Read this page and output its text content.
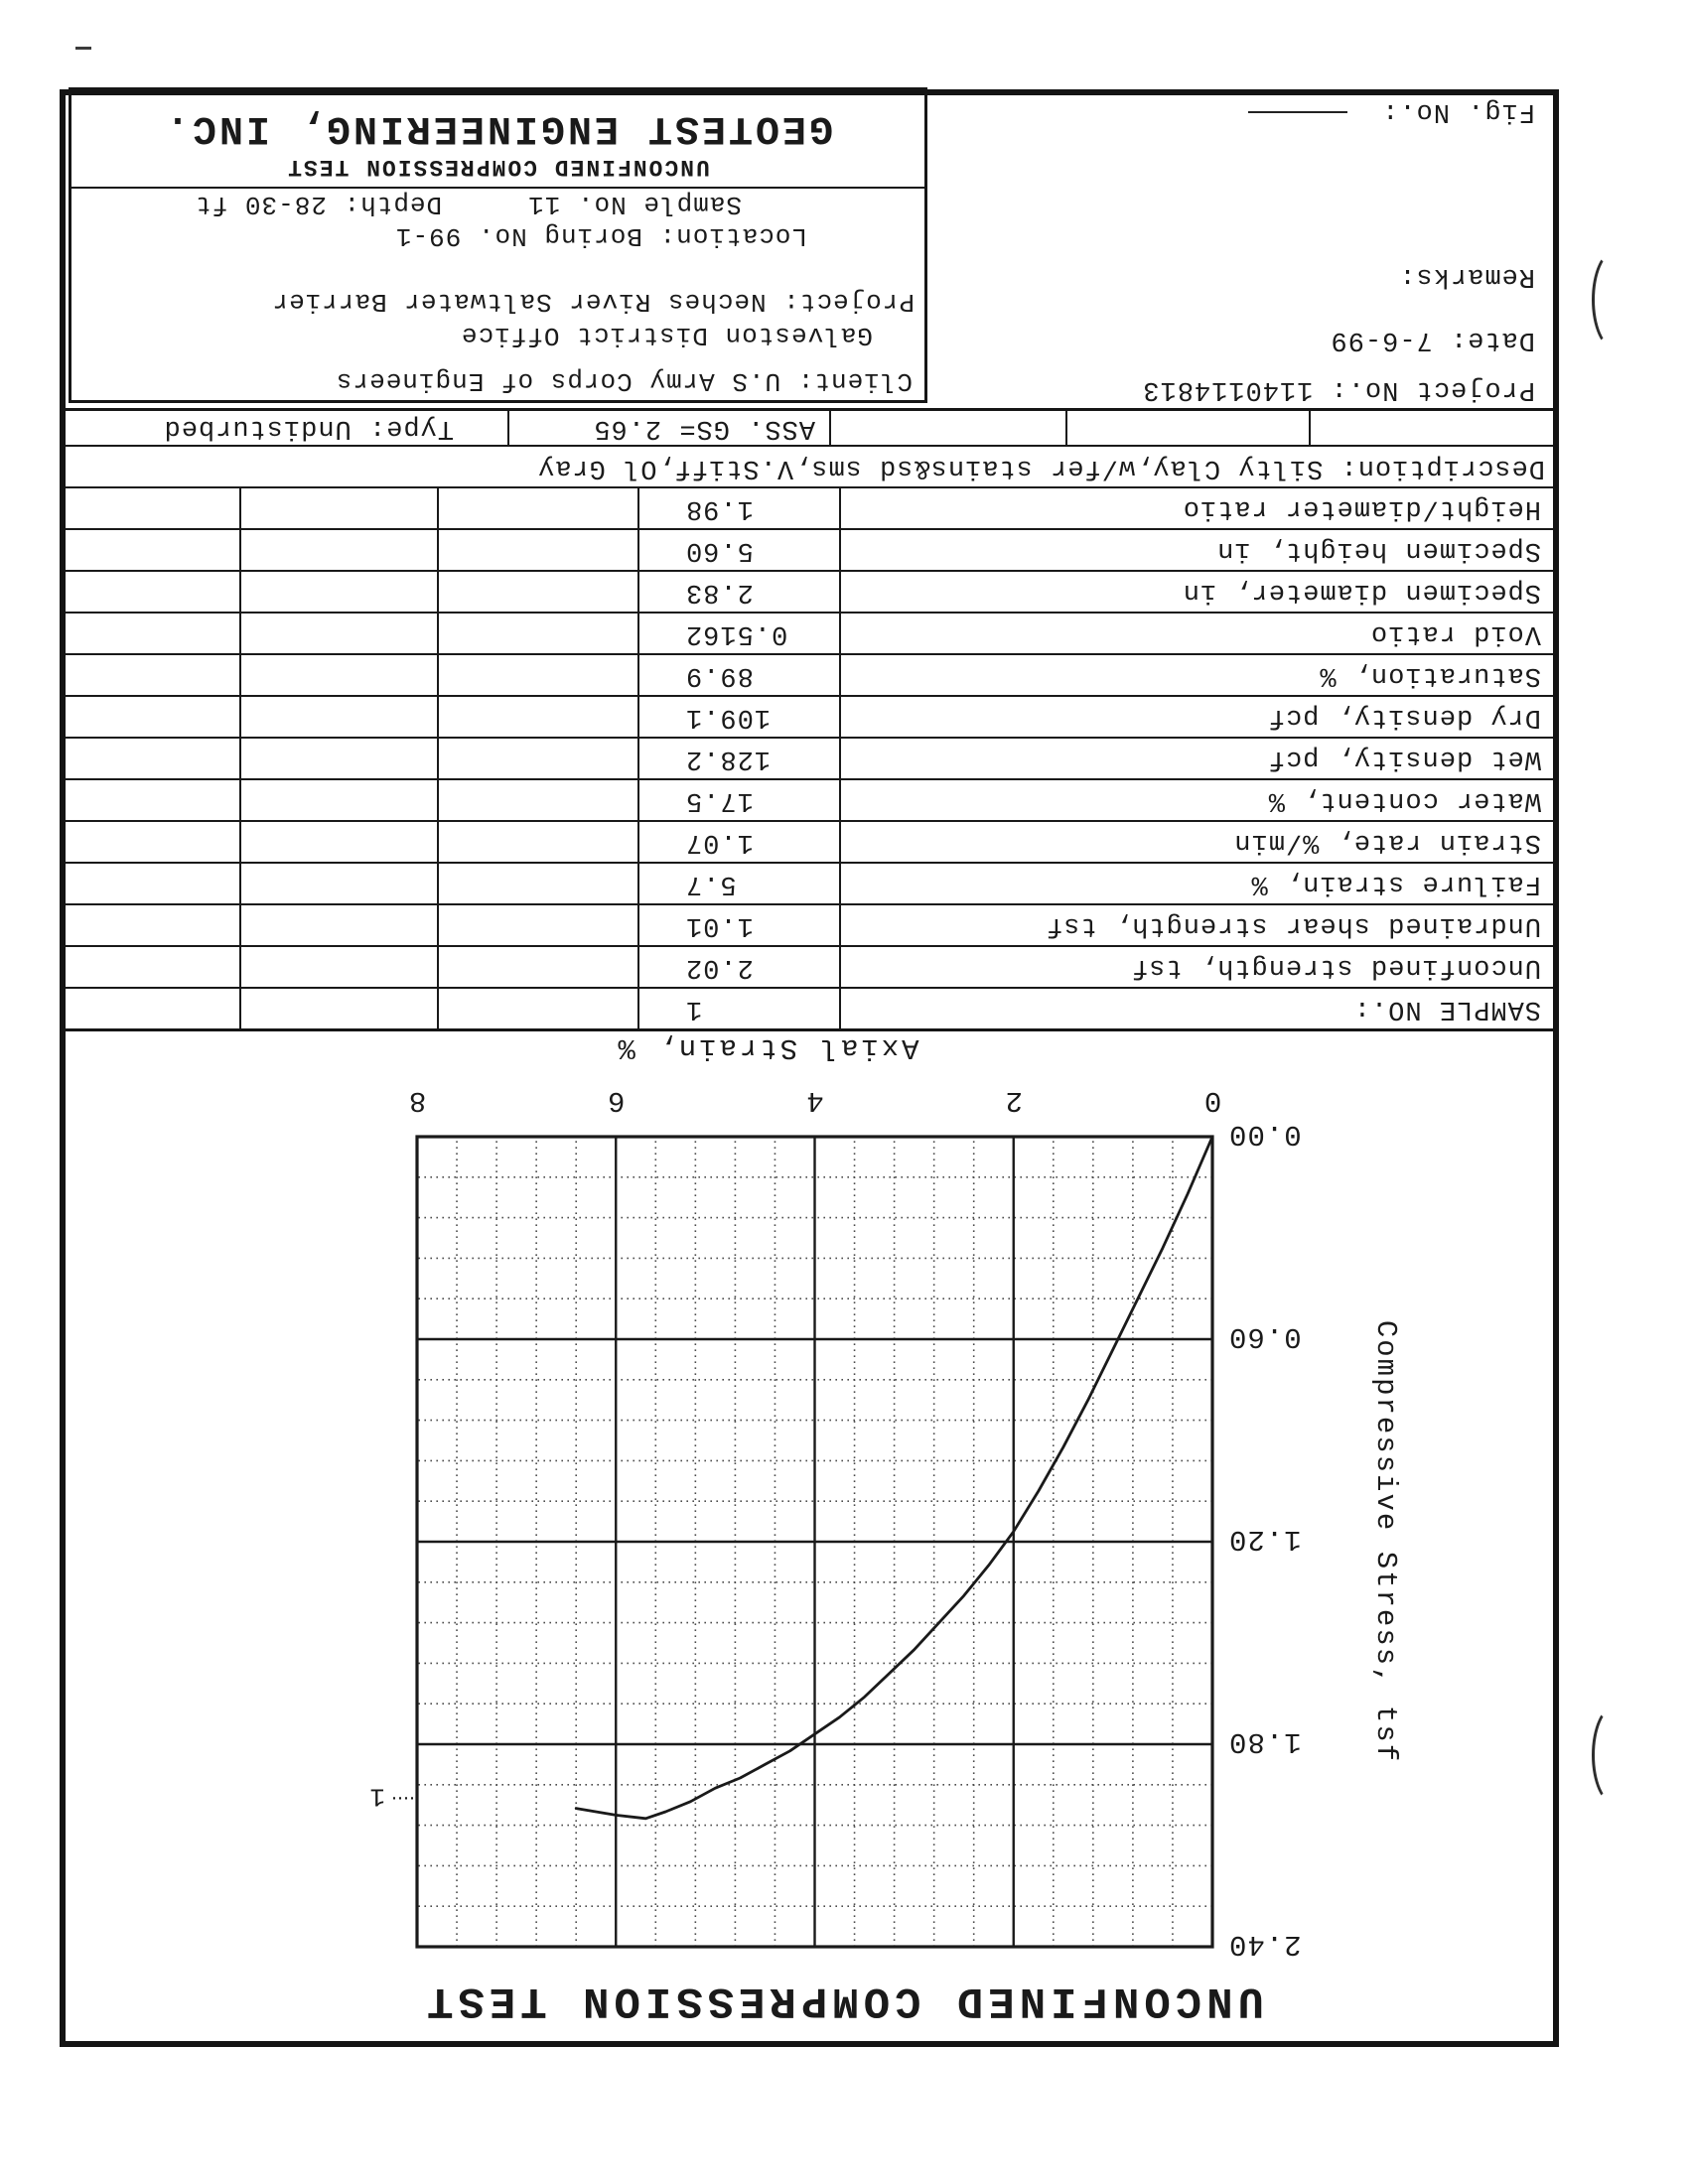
UNCONFINED COMPRESSION TEST
1
0
2
4
6
8
Axial Strain, %
0.00
0.60
1.20
1.80
2.40
Compressive Stress, tsf
SAMPLE NO.:
1
Unconfined strength, tsf
2.02
Undrained shear strength, tsf
1.01
Failure strain, %
5.7
Strain rate, %/min
1.07
Water content, %
17.5
Wet density, pcf
128.2
Dry density, pcf
109.1
Saturation, %
89.9
Void ratio
0.5162
Specimen diameter, in
2.83
Specimen height, in
5.60
Height/diameter ratio
1.98
Description: Silty Clay,w/fer stains&sd sms,V.Stiff,Ol Gray
ASS. GS= 2.65
Type: Undisturbed
Project No.: 1140114813
Date: 7-6-99
Remarks:
Fig. No.:
Client: U.S Army Corps of Engineers
Galveston District Office
Project: Neches River Saltwater Barrier
Location: Boring No. 99-1
Sample No. 11Depth: 28-30 ft
UNCONFINED COMPRESSION TEST
GEOTEST ENGINEERING, INC.
